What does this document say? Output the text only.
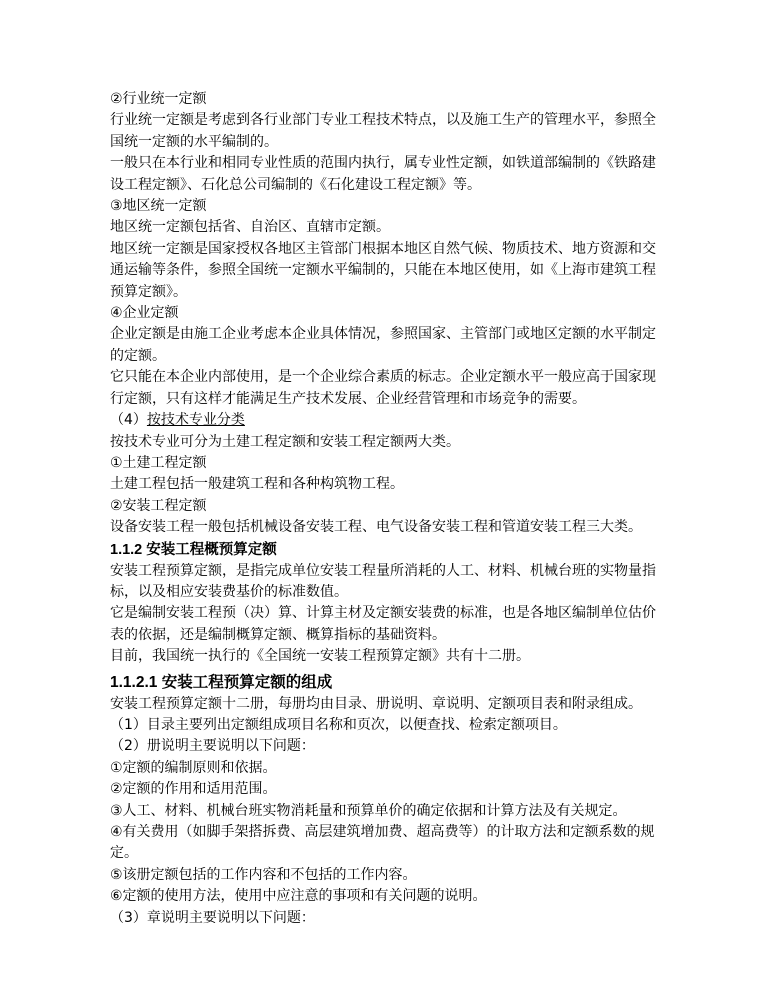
②行业统一定额

行业统一定额是考虑到各行业部门专业工程技术特点，以及施工生产的管理水平，参照全国统一定额的水平编制的。

一般只在本行业和相同专业性质的范围内执行，属专业性定额，如铁道部编制的《铁路建设工程定额》、石化总公司编制的《石化建设工程定额》等。

③地区统一定额

地区统一定额包括省、自治区、直辖市定额。

地区统一定额是国家授权各地区主管部门根据本地区自然气候、物质技术、地方资源和交通运输等条件，参照全国统一定额水平编制的，只能在本地区使用，如《上海市建筑工程预算定额》。

④企业定额

企业定额是由施工企业考虑本企业具体情况，参照国家、主管部门或地区定额的水平制定的定额。

它只能在本企业内部使用，是一个企业综合素质的标志。企业定额水平一般应高于国家现行定额，只有这样才能满足生产技术发展、企业经营管理和市场竞争的需要。

（4）按技术专业分类

按技术专业可分为土建工程定额和安装工程定额两大类。

①土建工程定额

土建工程包括一般建筑工程和各种构筑物工程。

②安装工程定额

设备安装工程一般包括机械设备安装工程、电气设备安装工程和管道安装工程三大类。

1.1.2 安装工程概预算定额

安装工程预算定额，是指完成单位安装工程量所消耗的人工、材料、机械台班的实物量指标，以及相应安装费基价的标准数值。

它是编制安装工程预（决）算、计算主材及定额安装费的标准，也是各地区编制单位估价表的依据，还是编制概算定额、概算指标的基础资料。

目前，我国统一执行的《全国统一安装工程预算定额》共有十二册。

1.1.2.1 安装工程预算定额的组成

安装工程预算定额十二册，每册均由目录、册说明、章说明、定额项目表和附录组成。

（1）目录主要列出定额组成项目名称和页次，以便查找、检索定额项目。

（2）册说明主要说明以下问题：

①定额的编制原则和依据。

②定额的作用和适用范围。

③人工、材料、机械台班实物消耗量和预算单价的确定依据和计算方法及有关规定。

④有关费用（如脚手架搭拆费、高层建筑增加费、超高费等）的计取方法和定额系数的规定。

⑤该册定额包括的工作内容和不包括的工作内容。

⑥定额的使用方法，使用中应注意的事项和有关问题的说明。

（3）章说明主要说明以下问题：
